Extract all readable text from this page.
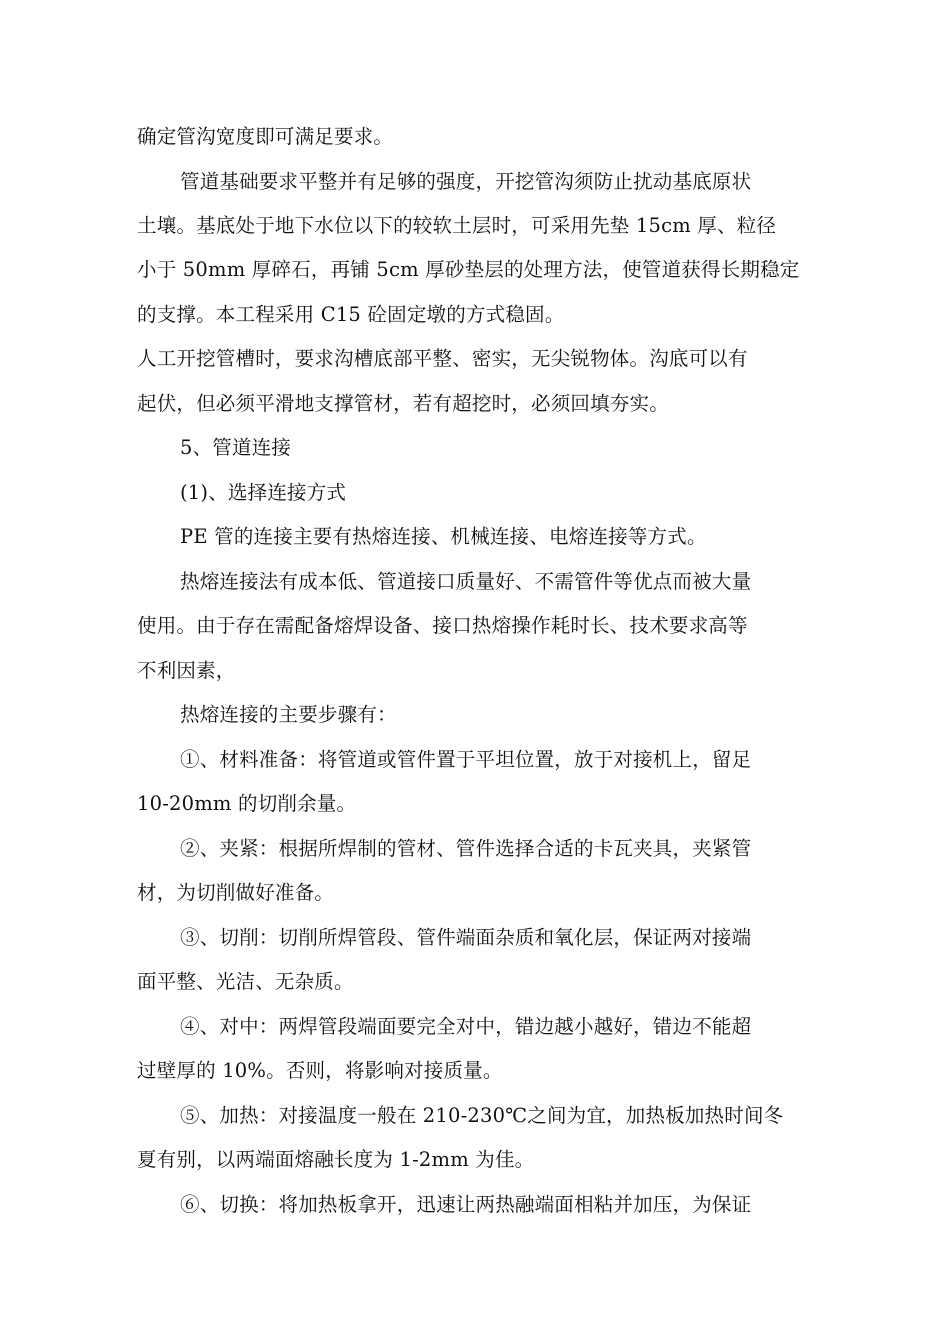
确定管沟宽度即可满足要求。
管道基础要求平整并有足够的强度，开挖管沟须防止扰动基底原状
土壤。基底处于地下水位以下的较软土层时，可采用先垫 15cm 厚、粒径
小于 50mm 厚碎石，再铺 5cm 厚砂垫层的处理方法，使管道获得长期稳定
的支撑。本工程采用 C15 砼固定墩的方式稳固。
人工开挖管槽时，要求沟槽底部平整、密实，无尖锐物体。沟底可以有
起伏，但必须平滑地支撑管材，若有超挖时，必须回填夯实。
5、管道连接
(1)、选择连接方式
PE 管的连接主要有热熔连接、机械连接、电熔连接等方式。
热熔连接法有成本低、管道接口质量好、不需管件等优点而被大量
使用。由于存在需配备熔焊设备、接口热熔操作耗时长、技术要求高等
不利因素，
热熔连接的主要步骤有：
①、材料准备：将管道或管件置于平坦位置，放于对接机上，留足
10-20mm 的切削余量。
②、夹紧：根据所焊制的管材、管件选择合适的卡瓦夹具，夹紧管
材，为切削做好准备。
③、切削：切削所焊管段、管件端面杂质和氧化层，保证两对接端
面平整、光洁、无杂质。
④、对中：两焊管段端面要完全对中，错边越小越好，错边不能超
过壁厚的 10%。否则，将影响对接质量。
⑤、加热：对接温度一般在 210-230℃之间为宜，加热板加热时间冬
夏有别，以两端面熔融长度为 1-2mm 为佳。
⑥、切换：将加热板拿开，迅速让两热融端面相粘并加压，为保证
